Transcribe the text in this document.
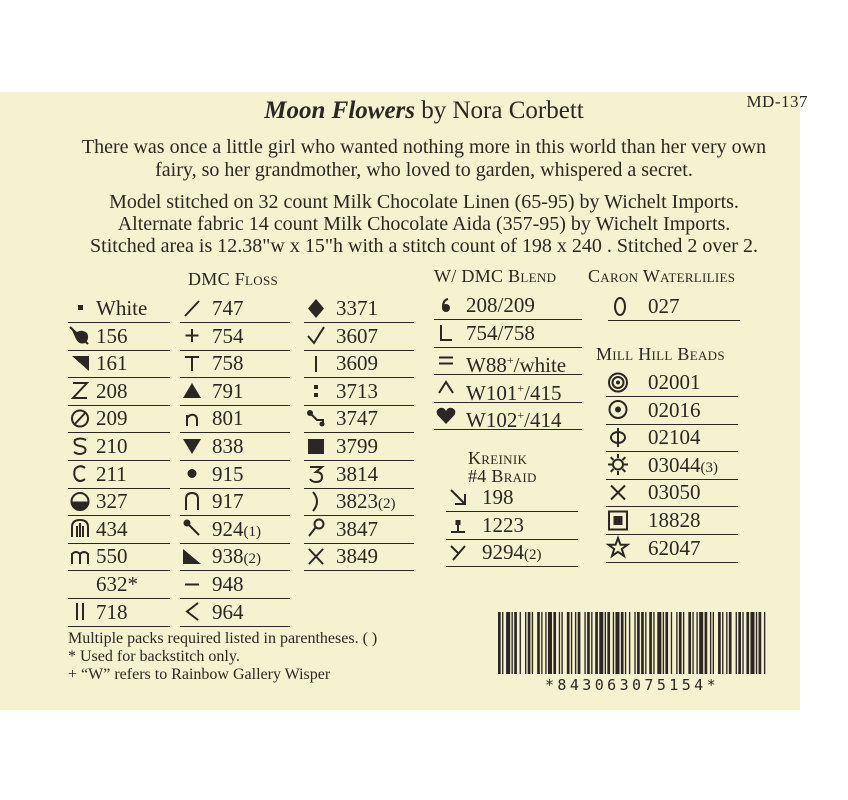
MD-137
Moon Flowers by Nora Corbett
There was once a little girl who wanted nothing more in this world than her very own
fairy, so her grandmother, who loved to garden, whispered a secret.
Model stitched on 32 count Milk Chocolate Linen (65-95) by Wichelt Imports.
Alternate fabric 14 count Milk Chocolate Aida (357-95) by Wichelt Imports.
Stitched area is 12.38"w x 15"h with a stitch count of 198 x 240 . Stitched 2 over 2.
DMC Floss	W/ DMC Blend Caron Waterlilies
Mill Hill Beads
Kreinik
#4 Braid
White
156
161
208
209
210
211
327
434
550
632*
718
747
754
758
791
801
838
915
917
924(1)
938(2)
948
964
3371
3607
3609
3713
3747
3799
3814
3823(2)
3847
3849
208/209
754/758
W88+/white
W101+/415
W102+/414
198
1223
9294(2)
027
02001
02016
02104
03044(3)
03050
18828
62047
Multiple packs required listed in parentheses. ( )
* Used for backstitch only.
+ “W” refers to Rainbow Gallery Wisper
*843063075154*
